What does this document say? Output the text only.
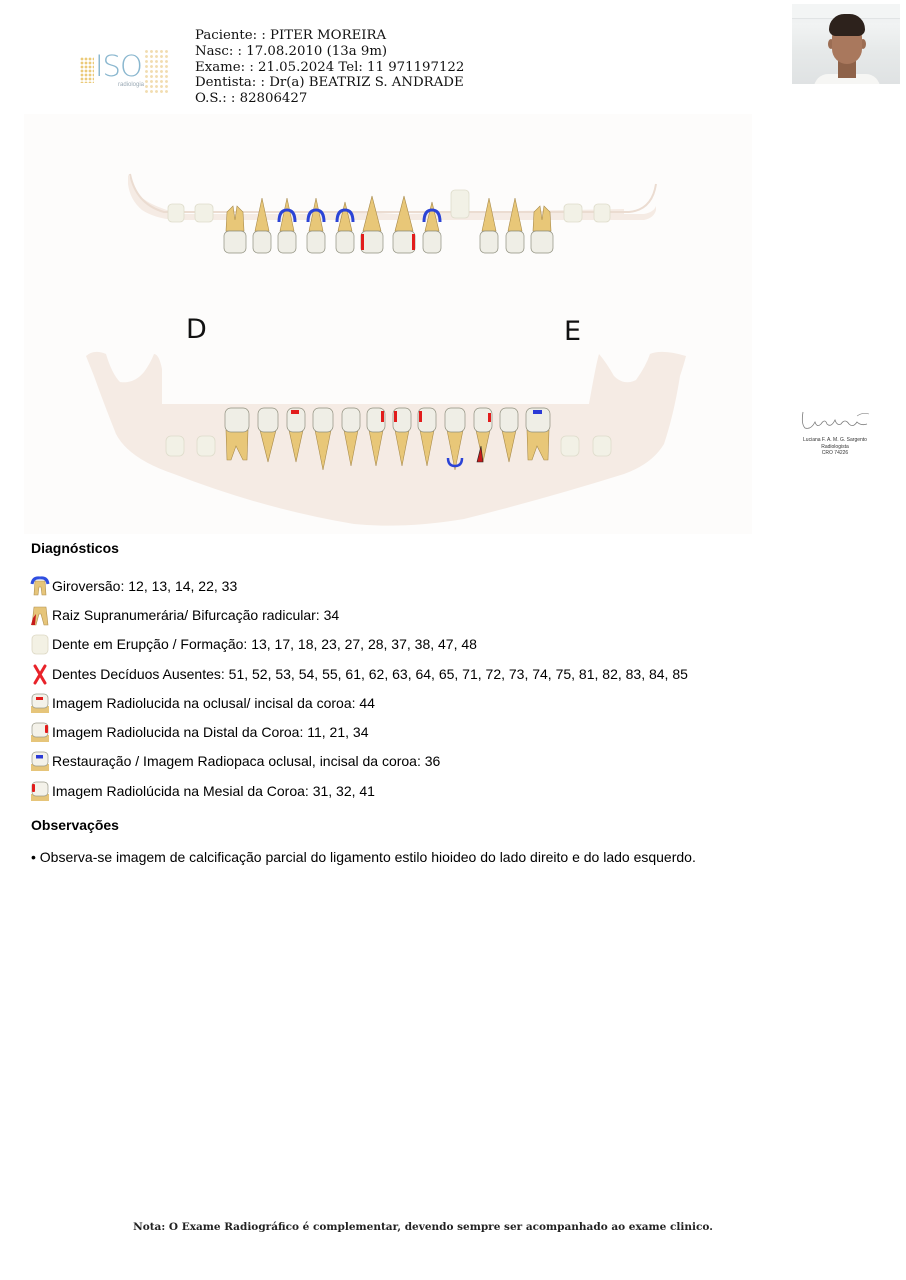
ISO
radiologia
Paciente: : PITER MOREIRA
Nasc: : 17.08.2010 (13a 9m)
Exame: : 21.05.2024 Tel: 11 971197122
Dentista: : Dr(a) BEATRIZ S. ANDRADE
O.S.: : 82806427
D	E
Luciana F. A. M. G. Sargento
Radiologista
CRO 74226
Diagnósticos
Giroversão: 12, 13, 14, 22, 33
Raiz Supranumerária/ Bifurcação radicular: 34
Dente em Erupção / Formação: 13, 17, 18, 23, 27, 28, 37, 38, 47, 48
Dentes Decíduos Ausentes: 51, 52, 53, 54, 55, 61, 62, 63, 64, 65, 71, 72, 73, 74, 75, 81, 82, 83, 84, 85
Imagem Radiolucida na oclusal/ incisal da coroa: 44
Imagem Radiolucida na Distal da Coroa: 11, 21, 34
Restauração / Imagem Radiopaca oclusal, incisal da coroa: 36
Imagem Radiolúcida na Mesial da Coroa: 31, 32, 41
Observações
• Observa-se imagem de calcificação parcial do ligamento estilo hioideo do lado direito e do lado esquerdo.
Nota: O Exame Radiográfico é complementar, devendo sempre ser acompanhado ao exame clinico.
